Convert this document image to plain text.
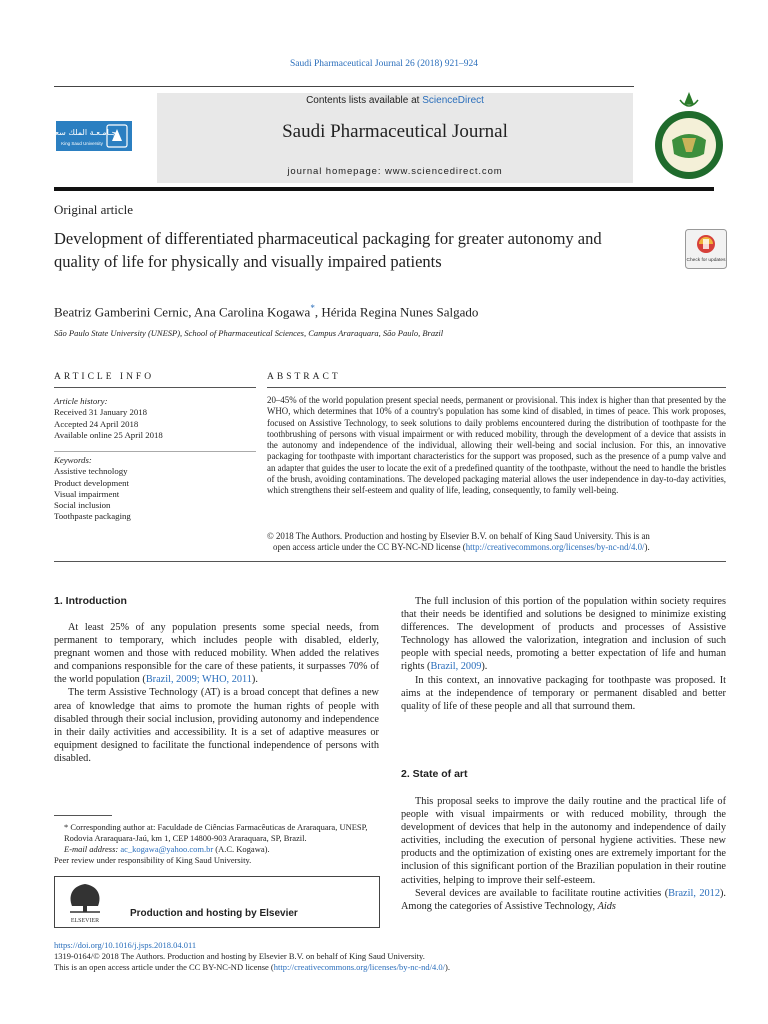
Saudi Pharmaceutical Journal 26 (2018) 921–924
جـامـعـة الملك سعود
King Saud University
Contents lists available at ScienceDirect
Saudi Pharmaceutical Journal
journal homepage: www.sciencedirect.com
Original article
Development of differentiated pharmaceutical packaging for greater autonomy and quality of life for physically and visually impaired patients	Check for updates
Beatriz Gamberini Cernic, Ana Carolina Kogawa*, Hérida Regina Nunes Salgado
São Paulo State University (UNESP), School of Pharmaceutical Sciences, Campus Araraquara, São Paulo, Brazil
ARTICLE INFO	ABSTRACT
Article history:
Received 31 January 2018
Accepted 24 April 2018
Available online 25 April 2018
Keywords:
Assistive technology
Product development
Visual impairment
Social inclusion
Toothpaste packaging
20–45% of the world population present special needs, permanent or provisional. This index is higher than that presented by the WHO, which determines that 10% of a country's population has some kind of disabled, in times of peace. This work proposes, focused on Assistive Technology, to seek solutions to daily problems encountered during the distribution of toothpaste for the toothbrushing of persons with visual impairment or with reduced mobility, through the development of a device that assists in the autonomy and independence of the individual, allowing their well-being and social inclusion. For this, an innovative packaging for toothpaste with important characteristics for the support was proposed, such as the presence of a pump valve and an adapter that guides the user to locate the exit of a predefined quantity of the toothpaste, without the need to handle the bristles of the brush, avoiding contaminations. The developed packaging material allows the user independence in day-to-day activities, which strengthens their self-esteem and quality of life, leading, consequently, to family well-being.
© 2018 The Authors. Production and hosting by Elsevier B.V. on behalf of King Saud University. This is an
open access article under the CC BY-NC-ND license (http://creativecommons.org/licenses/by-nc-nd/4.0/).
1. Introduction

At least 25% of any population presents some special needs, from permanent to temporary, which includes people with disabled, elderly, pregnant women and those with reduced mobility. When added the relatives and companions responsible for the care of these patients, it surpasses 70% of the world population (Brazil, 2009; WHO, 2011).

The term Assistive Technology (AT) is a broad concept that defines a new area of knowledge that aims to promote the human rights of people with disabled through their social inclusion, providing autonomy and independence in their daily activities and accessibility. It is a set of adaptive measures or equipment designed to facilitate the functional independence of persons with disabled.

The full inclusion of this portion of the population within society requires that their needs be identified and solutions be designed to minimize existing differences. The development of products and processes of Assistive Technology has allowed the valorization, integration and inclusion of such people with special needs, promoting a better expectation of life and human rights (Brazil, 2009).

In this context, an innovative packaging for toothpaste was proposed. It aims at the independence of temporary or permanent disabled and better quality of life of these people and all that surround them.

2. State of art

This proposal seeks to improve the daily routine and the practical life of people with visual impairments or with reduced mobility, through the development of devices that help in the autonomy and independence of daily activities, including the execution of personal hygiene activities. These new products and the optimization of existing ones are extremely important for the inclusion of this significant portion of the Brazilian population in their routine activities, helping to improve their self-esteem.

Several devices are available to facilitate routine activities (Brazil, 2012). Among the categories of Assistive Technology, Aids

* Corresponding author at: Faculdade de Ciências Farmacêuticas de Araraquara, UNESP, Rodovia Araraquara-Jaú, km 1, CEP 14800-903 Araraquara, SP, Brazil.
E-mail address: ac_kogawa@yahoo.com.br (A.C. Kogawa).
Peer review under responsibility of King Saud University.
ELSEVIER
Production and hosting by Elsevier
https://doi.org/10.1016/j.jsps.2018.04.011
1319-0164/© 2018 The Authors. Production and hosting by Elsevier B.V. on behalf of King Saud University.
This is an open access article under the CC BY-NC-ND license (http://creativecommons.org/licenses/by-nc-nd/4.0/).
